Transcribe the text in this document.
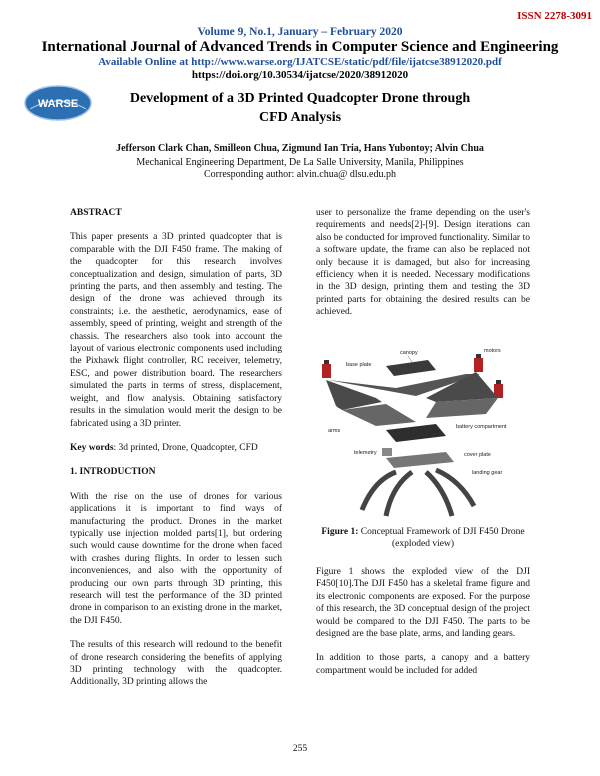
ISSN 2278-3091
Volume 9, No.1, January – February 2020
International Journal of Advanced Trends in Computer Science and Engineering
Available Online at http://www.warse.org/IJATCSE/static/pdf/file/ijatcse38912020.pdf
https://doi.org/10.30534/ijatcse/2020/38912020
WARSE	Development of a 3D Printed Quadcopter Drone through
CFD Analysis
Jefferson Clark Chan, Smilleon Chua, Zigmund Ian Tria, Hans Yubontoy; Alvin Chua
Mechanical Engineering Department, De La Salle University, Manila, Philippines
Corresponding author: alvin.chua@ dlsu.edu.ph

ABSTRACT

This paper presents a 3D printed quadcopter that is comparable with the DJI F450 frame. The making of the quadcopter for this research involves conceptualization and design, simulation of parts, 3D printing the parts, and then assembly and testing. The design of the drone was achieved through its constraints; i.e. the aesthetic, aerodynamics, ease of assembly, speed of printing, weight and strength of the chassis. The researchers also took into account the layout of various electronic components used including the Pixhawk flight controller, RC receiver, telemetry, ESC, and power distribution board. The researchers simulated the parts in terms of stress, displacement, weight, and flow analysis. Obtaining satisfactory results in the simulation would merit the design to be fabricated using a 3D printer.

Key words: 3d printed, Drone, Quadcopter, CFD

1. INTRODUCTION

With the rise on the use of drones for various applications it is important to find ways of manufacturing the product. Drones in the market typically use injection molded parts[1], but ordering such would cause downtime for the drone when faced with crashes during flights. In order to lessen such inconveniences, and also with the opportunity of producing our own parts through 3D printing, this research will test the performance of the 3D printed drone in comparison to an existing drone in the market, the DJI F450.

The results of this research will redound to the benefit of drone research considering the benefits of applying 3D printing technology with the quadcopter. Additionally, 3D printing allows the

user to personalize the frame depending on the user's requirements and needs[2]-[9]. Design iterations can also be conducted for improved functionality. Similar to a software update, the frame can also be replaced not only because it is damaged, but also for increasing efficiency when it is needed. Necessary modifications in the 3D design, printing them and testing the 3D printed parts for obtaining the desired results can be achieved.

canopy	motors
base plate
arms
battery compartment
telemetry	cover plate
landing gear
Figure 1: Conceptual Framework of DJI F450 Drone (exploded view)

Figure 1 shows the exploded view of the DJI F450[10].The DJI F450 has a skeletal frame figure and its electronic components are exposed. For the purpose of this research, the 3D conceptual design of the project would be compared to the DJI F450. The parts to be designed are the base plate, arms, and landing gears.

In addition to those parts, a canopy and a battery compartment would be included for added

255
